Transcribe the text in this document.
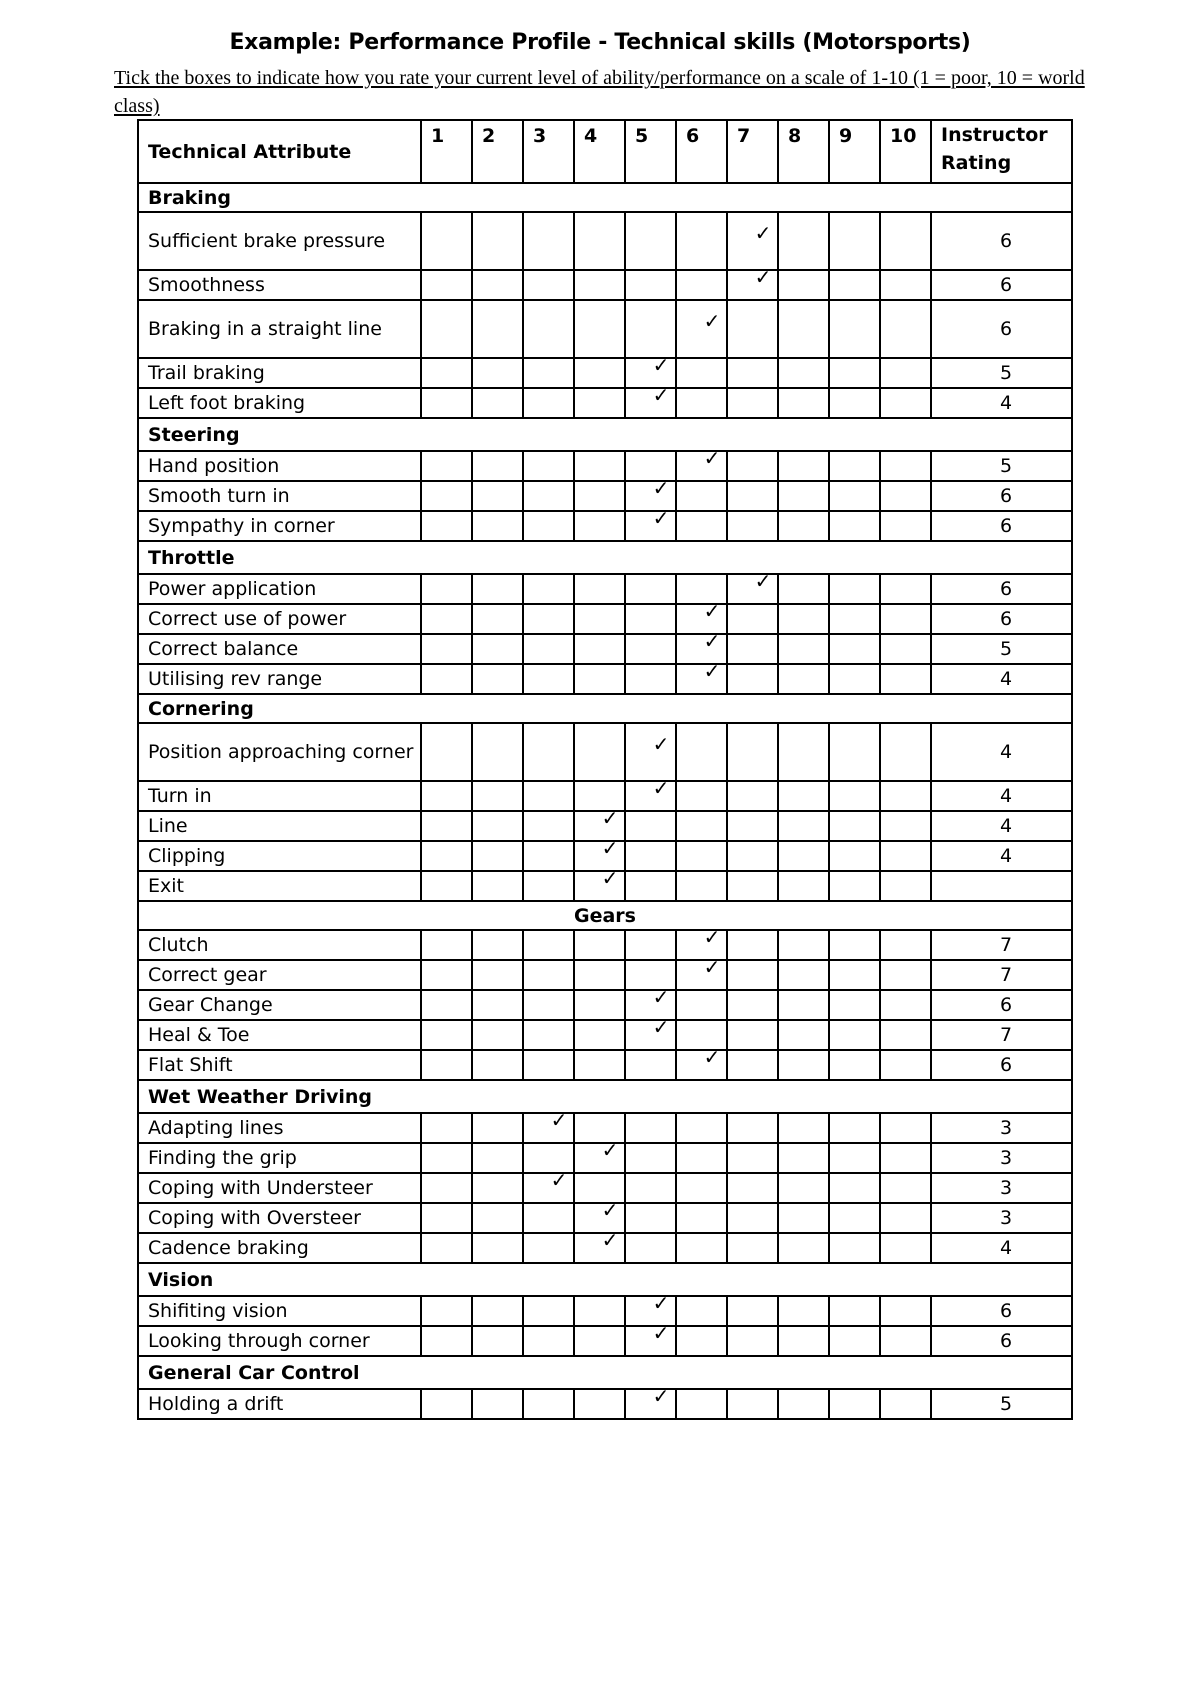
Example: Performance Profile - Technical skills (Motorsports)
Tick the boxes to indicate how you rate your current level of ability/performance on a scale of 1-10 (1 = poor, 10 = world class)
Technical Attribute	1	2	3	4	5	6	7	8	9	10	Instructor Rating
Braking											
Sufficient brake pressure							✓				6
Smoothness							✓				6
Braking in a straight line						✓					6
Trail braking					✓						5
Left foot braking					✓						4
Steering											
Hand position						✓					5
Smooth turn in					✓						6
Sympathy in corner					✓						6
Throttle											
Power application							✓				6
Correct use of power						✓					6
Correct balance						✓					5
Utilising rev range						✓					4
Cornering											
Position approaching corner					✓						4
Turn in					✓						4
Line				✓							4
Clipping				✓							4
Exit				✓							
Gears											
Clutch						✓					7
Correct gear						✓					7
Gear Change					✓						6
Heal & Toe					✓						7
Flat Shift						✓					6
Wet Weather Driving											
Adapting lines			✓								3
Finding the grip				✓							3
Coping with Understeer			✓								3
Coping with Oversteer				✓							3
Cadence braking				✓							4
Vision											
Shifiting vision					✓						6
Looking through corner					✓						6
General Car Control											
Holding a drift					✓						5
